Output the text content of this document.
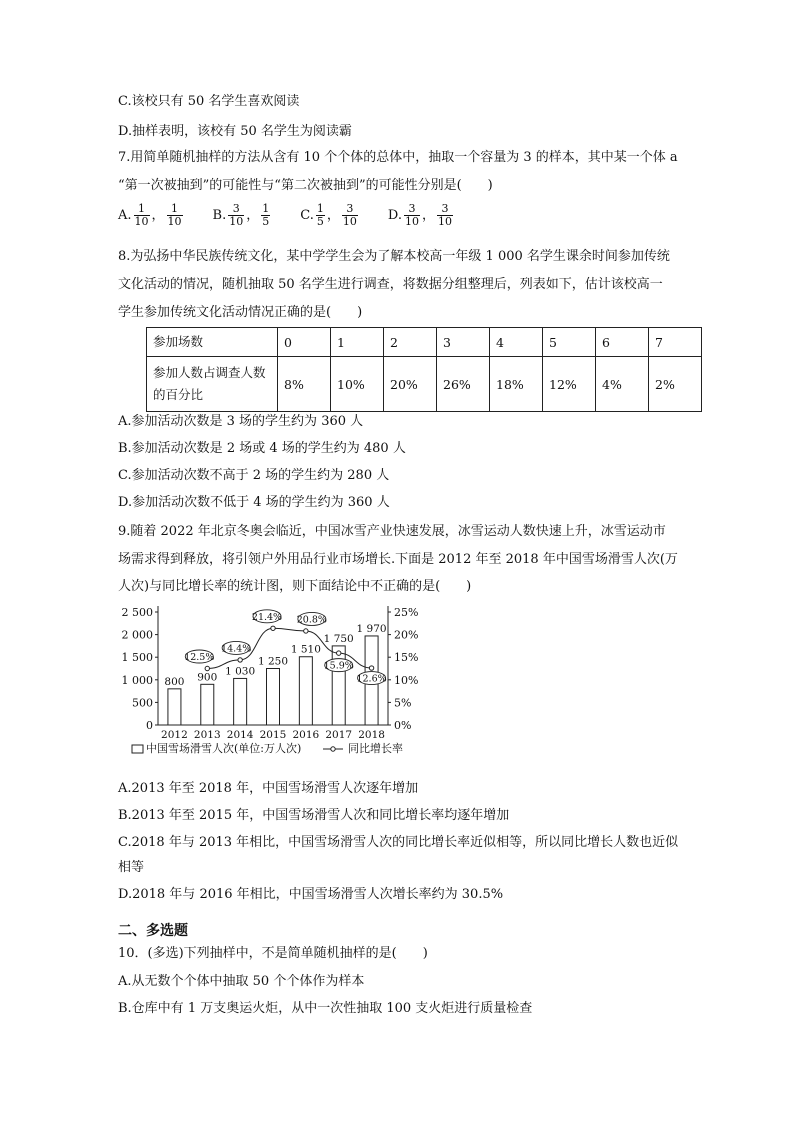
C.该校只有 50 名学生喜欢阅读
D.抽样表明，该校有 50 名学生为阅读霸
7.用简单随机抽样的方法从含有 10 个个体的总体中，抽取一个容量为 3 的样本，其中某一个体 a
“第一次被抽到”的可能性与“第二次被抽到”的可能性分别是(　　)
A. $\frac{1}{10}$ ， $\frac{1}{10} B$. $\frac{3}{10}$ ， $\frac{1}{5} C$. $\frac{1}{5}$ ， $\frac{3}{10} D$. $\frac{3}{10}$ ， $\frac{3}{10}$
8.为弘扬中华民族传统文化，某中学学生会为了解本校高一年级 1 000 名学生课余时间参加传统
文化活动的情况，随机抽取 50 名学生进行调查，将数据分组整理后，列表如下，估计该校高一
学生参加传统文化活动情况正确的是(　　)
参加场数	0	1	2	3	4	5	6	7
参加人数占调查人数的百分比	8%	10%	20%	26%	18%	12%	4%	2%
A.参加活动次数是 3 场的学生约为 360 人
B.参加活动次数是 2 场或 4 场的学生约为 480 人
C.参加活动次数不高于 2 场的学生约为 280 人
D.参加活动次数不低于 4 场的学生约为 360 人
9.随着 2022 年北京冬奥会临近，中国冰雪产业快速发展，冰雪运动人数快速上升，冰雪运动市
场需求得到释放，将引领户外用品行业市场增长.下面是 2012 年至 2018 年中国雪场滑雪人次(万
人次)与同比增长率的统计图，则下面结论中不正确的是(　　)
2 500
2 000
1 500
1 000
500
0
25%
20%
15%
10%
5%
0%
800 900 1 030
1 250
1 510
1 750
1 970
2012 2013 2014 2015 2016 2017 2018
12.5%
14.4%
21.4% 20.8%
15.9%
12.6%
中国雪场滑雪人次(单位:万人次)	同比增长率
A.2013 年至 2018 年，中国雪场滑雪人次逐年增加
B.2013 年至 2015 年，中国雪场滑雪人次和同比增长率均逐年增加
C.2018 年与 2013 年相比，中国雪场滑雪人次的同比增长率近似相等，所以同比增长人数也近似
相等
D.2018 年与 2016 年相比，中国雪场滑雪人次增长率约为 30.5%
二、多选题
10．(多选)下列抽样中，不是简单随机抽样的是(　　)
A.从无数个个体中抽取 50 个个体作为样本
B.仓库中有 1 万支奥运火炬，从中一次性抽取 100 支火炬进行质量检查
